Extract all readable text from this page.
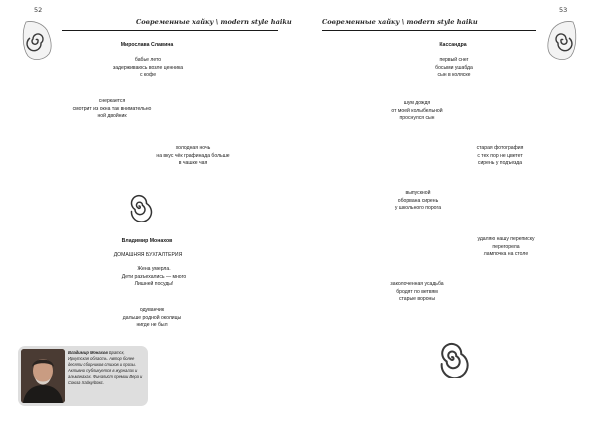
52
Современные хайку \ modern style haiku
Мирослава Славина
бабье лето
задерживаюсь возле ценника
с кофе
снеркается
смотрит из окна так внимательно
ной двойник
холодная ночь
на вкус чёк графинада больше
в чашке чая
Владимир Монахов
ДОМАШНЯЯ БУХГАЛТЕРИЯ
Жена умерла.
Дети разъехались — много
Лишней посуды!
одуванчик
дальше родной околицы
нигде не был
Владимир Монахов Братск, Иркутская область. Автор более десяти сборников стихов и прозы. Активно публикуется в журналах и альманахах. Финалист премии Вера и Союза Хайку/Бокс.
53
Современные хайку \ modern style haiku
Кассандра
первый снег
босыми ушабда
сын в коляске
шум дождя
от моей колыбельной
проснулся сын
старая фотография
с тех пор не цветет
сирень у подъезда
выпускной
оборвана сирень
у школьного порога
удаляю нашу переписку
перегорела
лампочка на столе
заколоченная усадьба
бродят по ветвям
старые вороны
